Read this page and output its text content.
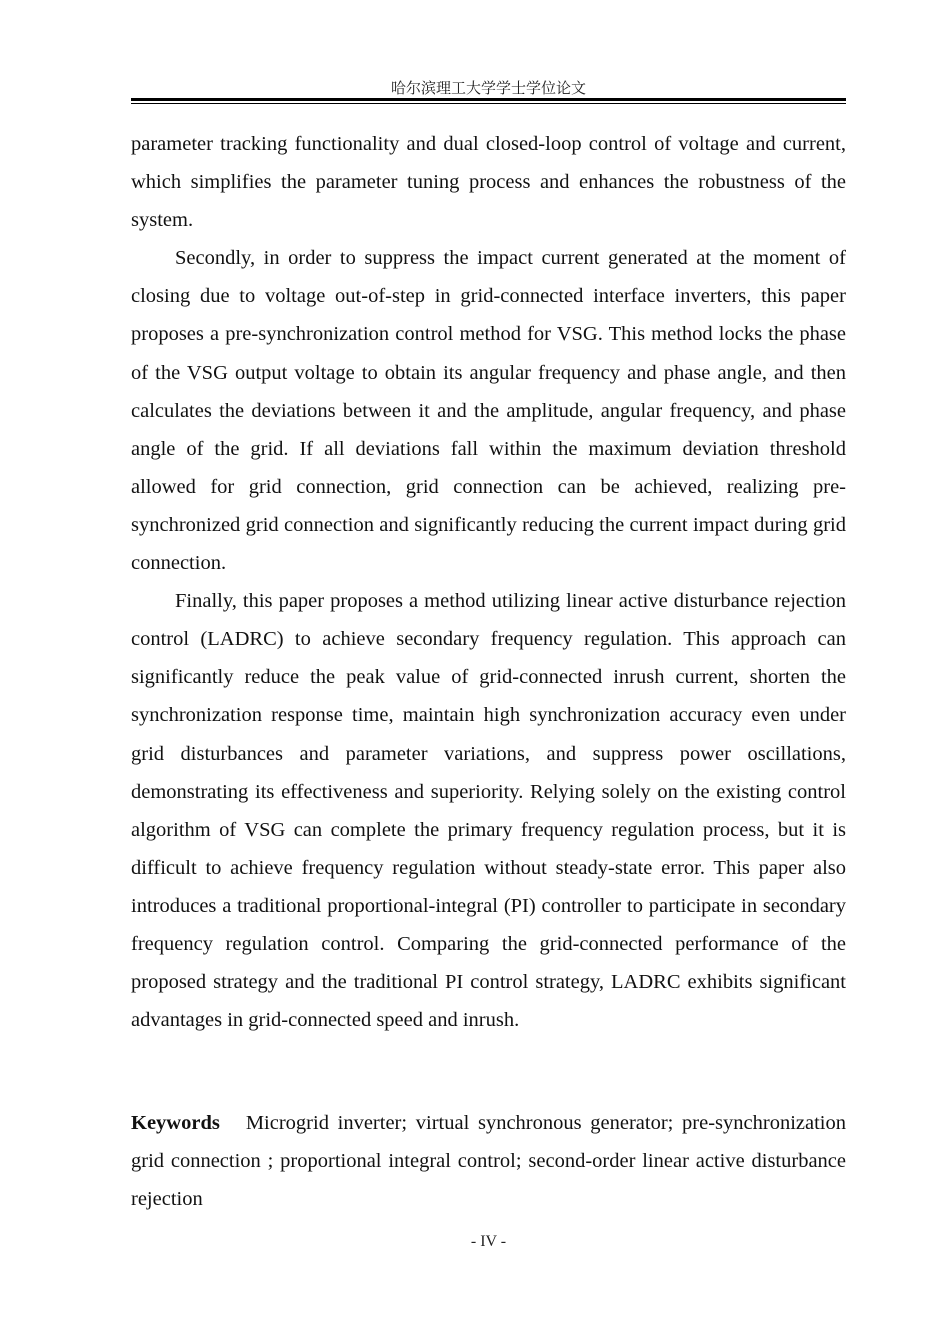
哈尔滨理工大学学士学位论文

parameter tracking functionality and dual closed-loop control of voltage and current, which simplifies the parameter tuning process and enhances the robustness of the system.

Secondly, in order to suppress the impact current generated at the moment of closing due to voltage out-of-step in grid-connected interface inverters, this paper proposes a pre-synchronization control method for VSG. This method locks the phase of the VSG output voltage to obtain its angular frequency and phase angle, and then calculates the deviations between it and the amplitude, angular frequency, and phase angle of the grid. If all deviations fall within the maximum deviation threshold allowed for grid connection, grid connection can be achieved, realizing pre-synchronized grid connection and significantly reducing the current impact during grid connection.

Finally, this paper proposes a method utilizing linear active disturbance rejection control (LADRC) to achieve secondary frequency regulation. This approach can significantly reduce the peak value of grid-connected inrush current, shorten the synchronization response time, maintain high synchronization accuracy even under grid disturbances and parameter variations, and suppress power oscillations, demonstrating its effectiveness and superiority. Relying solely on the existing control algorithm of VSG can complete the primary frequency regulation process, but it is difficult to achieve frequency regulation without steady-state error. This paper also introduces a traditional proportional-integral (PI) controller to participate in secondary frequency regulation control. Comparing the grid-connected performance of the proposed strategy and the traditional PI control strategy, LADRC exhibits significant advantages in grid-connected speed and inrush.

Keywords Microgrid inverter; virtual synchronous generator; pre-synchronization grid connection ; proportional integral control; second-order linear active disturbance rejection
- IV -
